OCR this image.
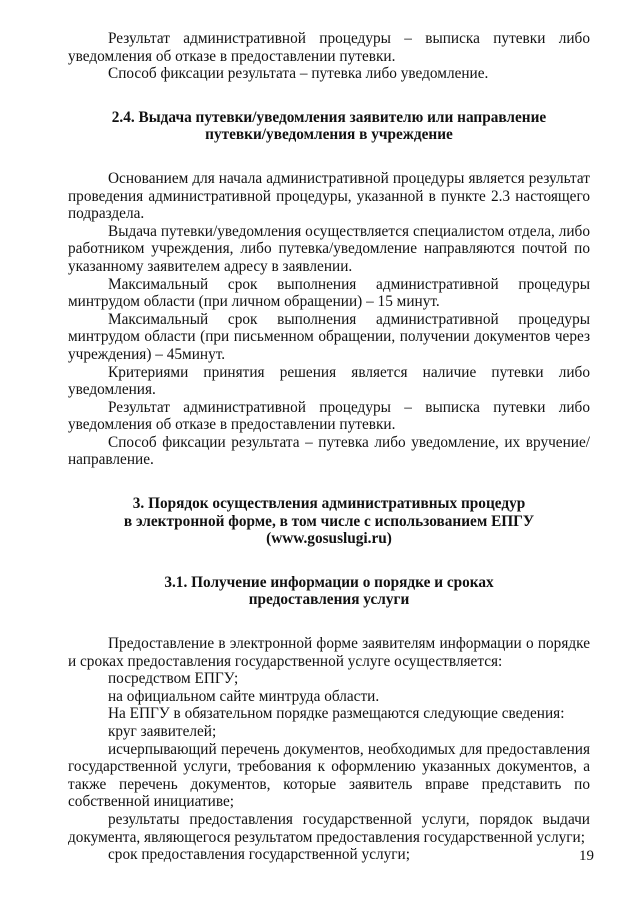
Результат административной процедуры – выписка путевки либо уведомления об отказе в предоставлении путевки.

Способ фиксации результата – путевка либо уведомление.

2.4. Выдача путевки/уведомления заявителю или направление

путевки/уведомления в учреждение

Основанием для начала административной процедуры является результат проведения административной процедуры, указанной в пункте 2.3 настоящего подраздела.

Выдача путевки/уведомления осуществляется специалистом отдела, либо работником учреждения, либо путевка/уведомление направляются почтой по указанному заявителем адресу в заявлении.

Максимальный срок выполнения административной процедуры минтрудом области (при личном обращении) – 15 минут.

Максимальный срок выполнения административной процедуры минтрудом области (при письменном обращении, получении документов через учреждения) – 45минут.

Критериями принятия решения является наличие путевки либо уведомления.

Результат административной процедуры – выписка путевки либо уведомления об отказе в предоставлении путевки.

Способ фиксации результата – путевка либо уведомление, их вручение/направление.

3. Порядок осуществления административных процедур

в электронной форме, в том числе с использованием ЕПГУ

(www.gosuslugi.ru)

3.1. Получение информации о порядке и сроках

предоставления услуги

Предоставление в электронной форме заявителям информации о порядке и сроках предоставления государственной услуге осуществляется:

посредством ЕПГУ;

на официальном сайте минтруда области.

На ЕПГУ в обязательном порядке размещаются следующие сведения:

круг заявителей;

исчерпывающий перечень документов, необходимых для предоставления государственной услуги, требования к оформлению указанных документов, а также перечень документов, которые заявитель вправе представить по собственной инициативе;

результаты предоставления государственной услуги, порядок выдачи документа, являющегося результатом предоставления государственной услуги;

срок предоставления государственной услуги;	19
